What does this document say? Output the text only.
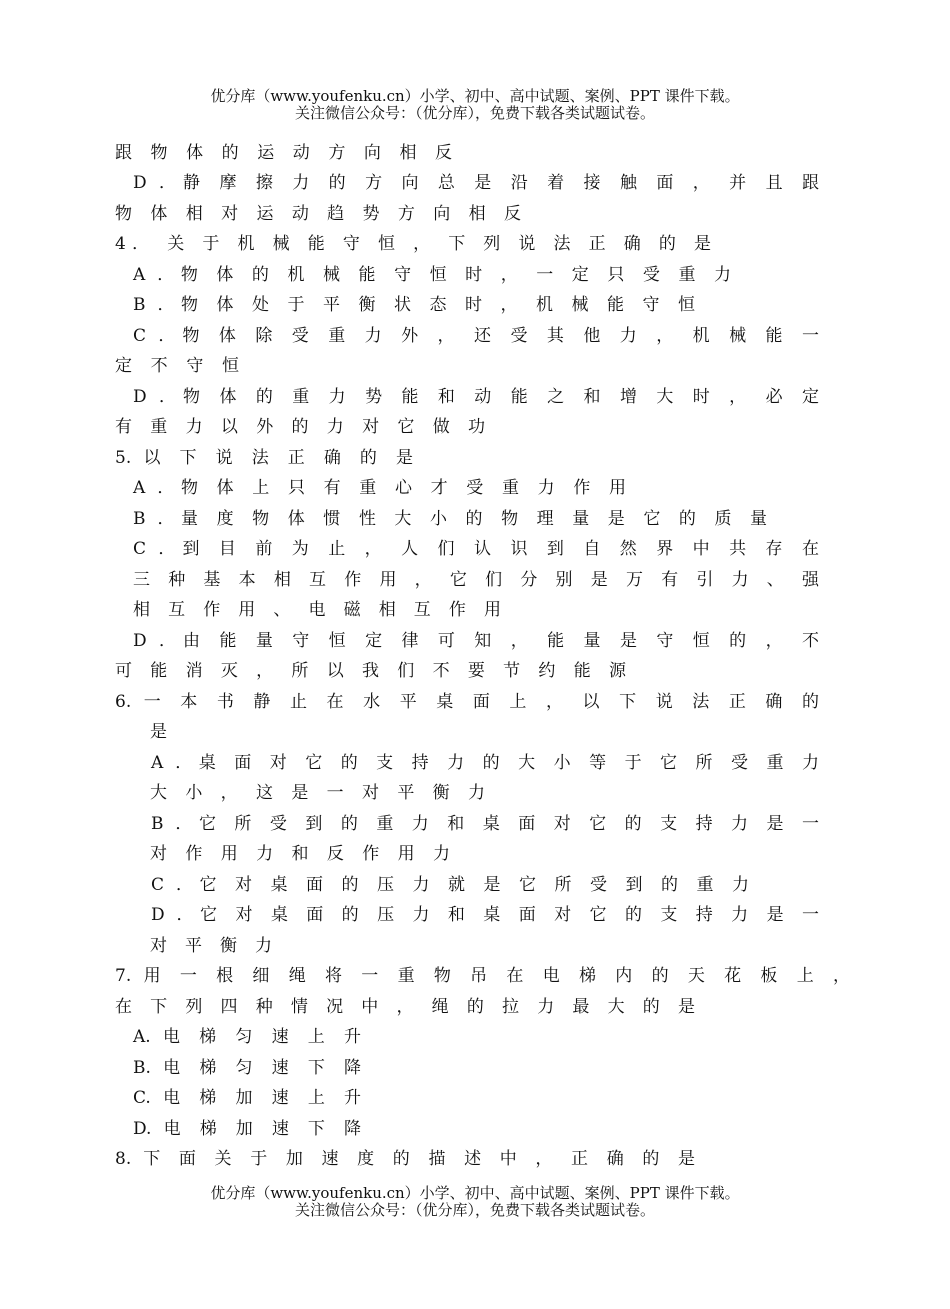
优分库（www.youfenku.cn）小学、初中、高中试题、案例、PPT 课件下载。
关注微信公众号：（优分库），免费下载各类试题试卷。
跟 物 体 的 运 动 方 向 相 反
D ．静 摩 擦 力 的 方 向 总 是 沿 着 接 触 面 ， 并 且 跟
物 体 相 对 运 动 趋 势 方 向 相 反
4． 关 于 机 械 能 守 恒 ， 下 列 说 法 正 确 的 是
A ．物 体 的 机 械 能 守 恒 时 ， 一 定 只 受 重 力
B ．物 体 处 于 平 衡 状 态 时 ， 机 械 能 守 恒
C ．物 体 除 受 重 力 外 ， 还 受 其 他 力 ， 机 械 能 一
定 不 守 恒
D ．物 体 的 重 力 势 能 和 动 能 之 和 增 大 时 ， 必 定
有 重 力 以 外 的 力 对 它 做 功
5. 以 下 说 法 正 确 的 是
A ．物 体 上 只 有 重 心 才 受 重 力 作 用
B ．量 度 物 体 惯 性 大 小 的 物 理 量 是 它 的 质 量
C ．到 目 前 为 止 ， 人 们 认 识 到 自 然 界 中 共 存 在
三 种 基 本 相 互 作 用 ， 它 们 分 别 是 万 有 引 力 、 强
相 互 作 用 、 电 磁 相 互 作 用
D ．由 能 量 守 恒 定 律 可 知 ， 能 量 是 守 恒 的 ， 不
可 能 消 灭 ， 所 以 我 们 不 要 节 约 能 源
6. 一 本 书 静 止 在 水 平 桌 面 上 ， 以 下 说 法 正 确 的
是
A ．桌 面 对 它 的 支 持 力 的 大 小 等 于 它 所 受 重 力
大 小 ， 这 是 一 对 平 衡 力
B ．它 所 受 到 的 重 力 和 桌 面 对 它 的 支 持 力 是 一
对 作 用 力 和 反 作 用 力
C ．它 对 桌 面 的 压 力 就 是 它 所 受 到 的 重 力
D ．它 对 桌 面 的 压 力 和 桌 面 对 它 的 支 持 力 是 一
对 平 衡 力
7. 用 一 根 细 绳 将 一 重 物 吊 在 电 梯 内 的 天 花 板 上 ，
在 下 列 四 种 情 况 中 ， 绳 的 拉 力 最 大 的 是
A. 电 梯 匀 速 上 升
B. 电 梯 匀 速 下 降
C. 电 梯 加 速 上 升
D. 电 梯 加 速 下 降
8. 下 面 关 于 加 速 度 的 描 述 中 ， 正 确 的 是
优分库（www.youfenku.cn）小学、初中、高中试题、案例、PPT 课件下载。
关注微信公众号：（优分库），免费下载各类试题试卷。
